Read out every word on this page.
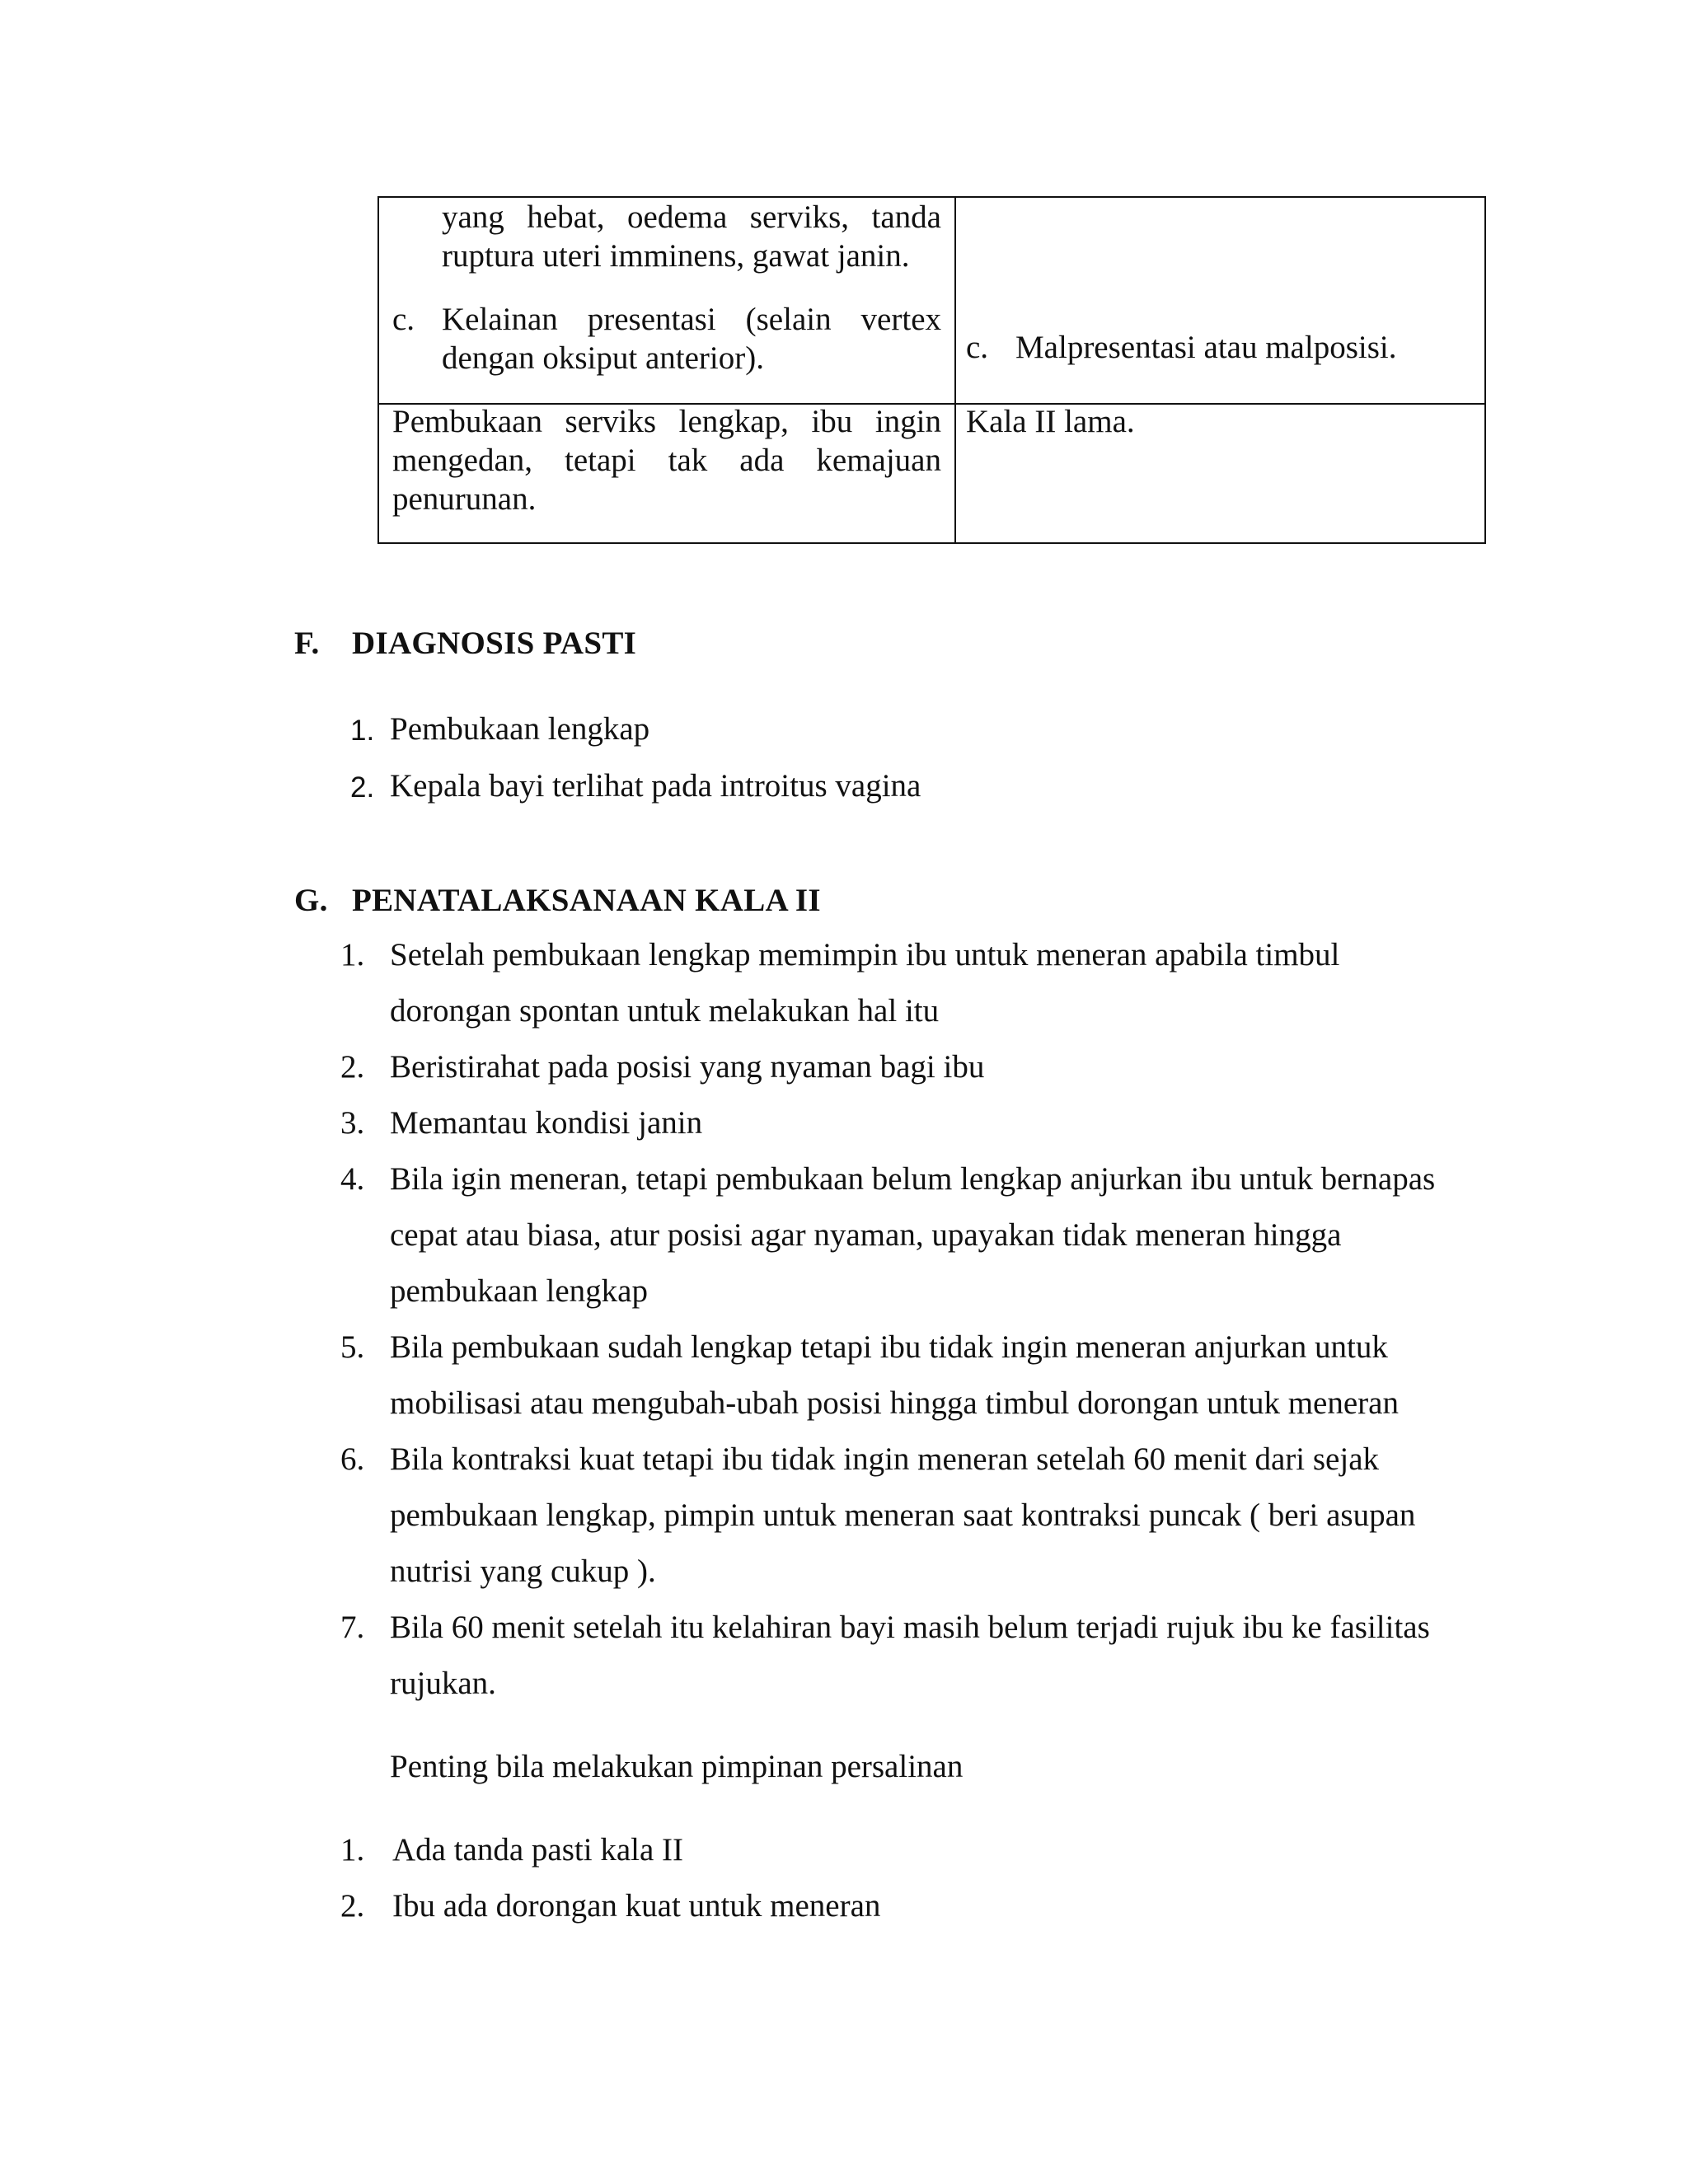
yang hebat, oedema serviks, tanda
ruptura uteri imminens, gawat janin.
c. Kelainan presentasi (selain vertex
dengan oksiput anterior).	c. Malpresentasi atau malposisi.
Pembukaan serviks lengkap, ibu ingin
mengedan, tetapi tak ada kemajuan
penurunan.
Kala II lama.
F. DIAGNOSIS PASTI
1. Pembukaan lengkap
2. Kepala bayi terlihat pada introitus vagina
G. PENATALAKSANAAN KALA II
1. Setelah pembukaan lengkap memimpin ibu untuk meneran apabila timbul
dorongan spontan untuk melakukan hal itu
2. Beristirahat pada posisi yang nyaman bagi ibu
3. Memantau kondisi janin
4. Bila igin meneran, tetapi pembukaan belum lengkap anjurkan ibu untuk bernapas
cepat atau biasa, atur posisi agar nyaman, upayakan tidak meneran hingga
pembukaan lengkap
5. Bila pembukaan sudah lengkap tetapi ibu tidak ingin meneran anjurkan untuk
mobilisasi atau mengubah-ubah posisi hingga timbul dorongan untuk meneran
6. Bila kontraksi kuat tetapi ibu tidak ingin meneran setelah 60 menit dari sejak
pembukaan lengkap, pimpin untuk meneran saat kontraksi puncak ( beri asupan
nutrisi yang cukup ).
7. Bila 60 menit setelah itu kelahiran bayi masih belum terjadi rujuk ibu ke fasilitas
rujukan.
Penting bila melakukan pimpinan persalinan
1. Ada tanda pasti kala II
2. Ibu ada dorongan kuat untuk meneran
